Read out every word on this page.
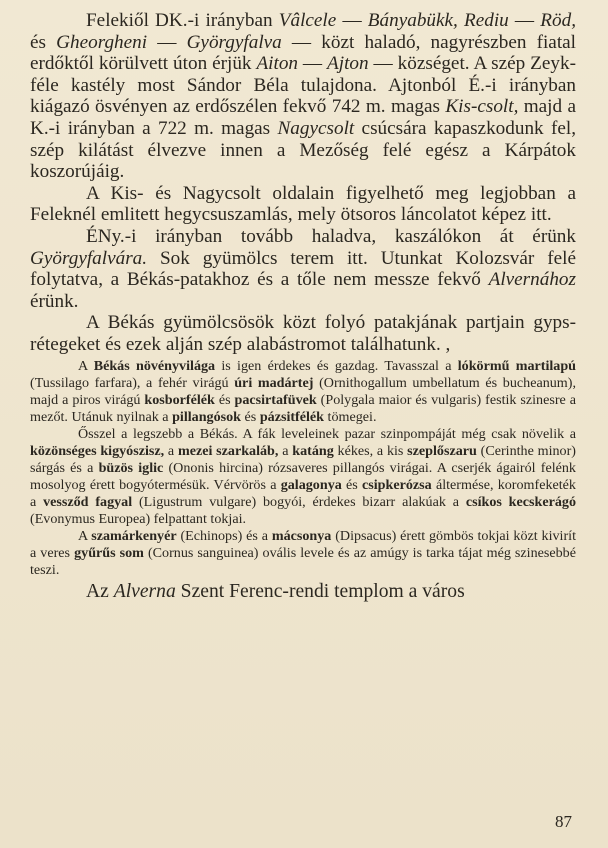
Felekiől DK.-i irányban Vâlcele — Bányabükk, Rediu — Röd, és Gheorgheni — Györgyfalva — közt haladó, nagyrészben fiatal erdőktől körülvett úton érjük Aiton — Ajton — községet. A szép Zeyk-féle kastély most Sándor Béla tulajdona. Ajtonból É.-i irányban kiágazó ösvényen az erdőszélen fekvő 742 m. magas Kis-csolt, majd a K.-i irányban a 722 m. magas Nagycsolt csúcsára kapaszkodunk fel, szép kilátást élvezve innen a Mezőség felé egész a Kárpátok koszorújáig.

A Kis- és Nagycsolt oldalain figyelhető meg legjobban a Feleknél emlitett hegycsuszamlás, mely ötsoros láncolatot képez itt.

ÉNy.-i irányban tovább haladva, kaszálókon át érünk Györgyfalvára. Sok gyümölcs terem itt. Utunkat Kolozsvár felé folytatva, a Békás-patakhoz és a tőle nem messze fekvő Alvernához érünk.

A Békás gyümölcsösök közt folyó patakjának partjain gyps-rétegeket és ezek alján szép alabástromot találhatunk. ,

A Békás növényvilága is igen érdekes és gazdag. Tavasszal a lókörmű martilapú (Tussilago farfara), a fehér virágú úri madártej (Ornithogallum umbellatum és bucheanum), majd a piros virágú kosborfélék és pacsirtafüvek (Polygala maior és vulgaris) festik szinesre a mezőt. Utánuk nyilnak a pillangósok és pázsitfélék tömegei.

Ősszel a legszebb a Békás. A fák leveleinek pazar szinpompáját még csak növelik a közönséges kigyószisz, a mezei szarkaláb, a katáng kékes, a kis szeplőszaru (Cerinthe minor) sárgás és a büzös iglic (Ononis hircina) rózsaveres pillangós virágai. A cserjék ágairól felénk mosolyog érett bogyótermésük. Vérvörös a galagonya és csipkerózsa áltermése, koromfeketék a vessződ fagyal (Ligustrum vulgare) bogyói, érdekes bizarr alakúak a csíkos kecskerágó (Evonymus Europea) felpattant tokjai.

A szamárkenyér (Echinops) és a mácsonya (Dipsacus) érett gömbös tokjai közt kivirít a veres gyűrűs som (Cornus sanguinea) ovális levele és az amúgy is tarka tájat még szinesebbé teszi.

Az Alverna Szent Ferenc-rendi templom a város

87
